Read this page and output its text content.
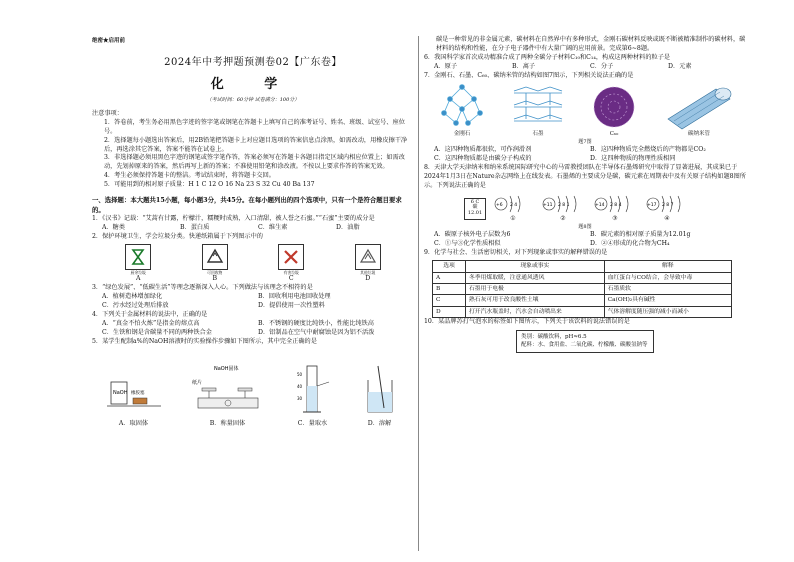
绝密★启用前
2024年中考押题预测卷02【广东卷】
化 学
（考试时间：60分钟 试卷满分：100分）
注意事项：
1．答卷前，考生务必用黑色字迹的签字笔或钢笔在答题卡上填写自己的准考证号、姓名、班级、试室号、座位号。
2．选择题每小题选出答案后，用2B铅笔把答题卡上对应题目选项的答案信息点涂黑，如需改动，用橡皮擦干净后，再选涂其它答案，答案不能答在试卷上。
3．非选择题必须用黑色字迹的钢笔或签字笔作答，答案必须写在答题卡各题目指定区域内相应位置上；如需改动，先划掉原来的答案，然后再写上新的答案；不准使用铅笔和涂改液。不按以上要求作答的答案无效。
4．考生必须保持答题卡的整洁。考试结束时，将答题卡交回。
5．可能用到的相对原子质量：H 1 C 12 O 16 Na 23 S 32 Cu 40 Ba 137
一、选择题：本大题共15小题，每小题3分，共45分。在每小题列出的四个选项中，只有一个是符合题目要求的。
1．《汉书》记载：“艾蒿有甘露，柠檬汁，糯粳时成熟，入口清甜，被人誉之石蜜。”“石蜜”主要的成分是
A．糖类	B．蛋白质	C．维生素	D．油脂
2．保护环境卫生，学会垃圾分类。快递纸箱属于下列图示中的
厨余垃圾
A
可回收物
B
有害垃圾
C
其他垃圾
D
3．“绿色发展”、“低碳生活”等理念逐渐深入人心。下列做法与该理念不相符的是
A．植树造林增加绿化	B．回收利用电池回收处理
C．污水经过处理后排放	D．提倡使用一次性塑料
4．下列关于金属材料的说法中，正确的是
A．“真金不怕火炼”是指金的熔点高	B．不锈钢的硬度比纯铁小，性能比纯铁高
C．生铁和钢是含碳量不同的两种铁合金	D．铝制品在空气中耐腐蚀是因为铝不活泼
5．某学生配制a%的NaOH溶液时的实验操作步骤如下图所示，其中完全正确的是
NaOH 橡胶塞
A．取固体
NaOH固体
纸片
B．称量固体
50
40
30
C．量取水	D．溶解
碳是一种常见的非金属元素，碳材料在自然界中有多种形式，金刚石碳材料反映或既不断被精准制作的碳材料，碳材料的结构和性能，在分子电子器件中有大量广阔的应用前景。完成第6~8题。
6．我国科学家首次成功精准合成了两种全碳分子材料C₁₀和C₁₄，构成这两种材料的粒子是
A．原子	B．离子	C．分子	D．元素
7．金刚石、石墨、C₆₀、碳纳米管的结构如图7图示，下列相关说法正确的是
金刚石	石墨	C₆₀	碳纳米管
题7图
A．这四种物质都很软，可作润滑剂	B．这四种物质完全燃烧后的产物都是CO₂
C．这四种物质都是由碳分子构成的	D．这四种物质的物理性质相同
8．天津大学天津纳米和纳米系统国际研究中心的马雷教授团队在半导体石墨烯研究中取得了显著进展，其成果已于2024年1月3日在Nature杂志网络上在线发表。石墨烯的主要成分是碳，碳元素在周期表中及有关原子结构如题8图所示。下列说法正确的是
6 C
碳
12.01
+6 2 4
①
+11 2 8 1
②
+14 2 8 4
③
+17 2 8 7
④
题8图
A．碳原子核外电子层数为6	B．碳元素的相对原子质量为12.01g
C．①与③化学性质相似	D．②④形成的化合物为CH₄
9．化学与社会、生活密切相关，对下列现象或事实的解释错误的是
选项	现象或事实	解释
A	冬季用煤取暖，注意通风透风	血红蛋白与CO结合，会导致中毒
B	石墨用于电极	石墨质软
C	熟石灰可用于改良酸性土壤	Ca(OH)₂具有碱性
D	打开汽水瓶盖时，汽水会自动喷出来	气体溶解度随压强的减小而减小
10．某品牌苏打气泡水的标签如下图所示，下列关于该饮料的说法错误的是
类别：碳酸饮料，pH≈6.5
配料：水、食用盐、二氧化碳、柠檬酸、碳酸氢钠等
